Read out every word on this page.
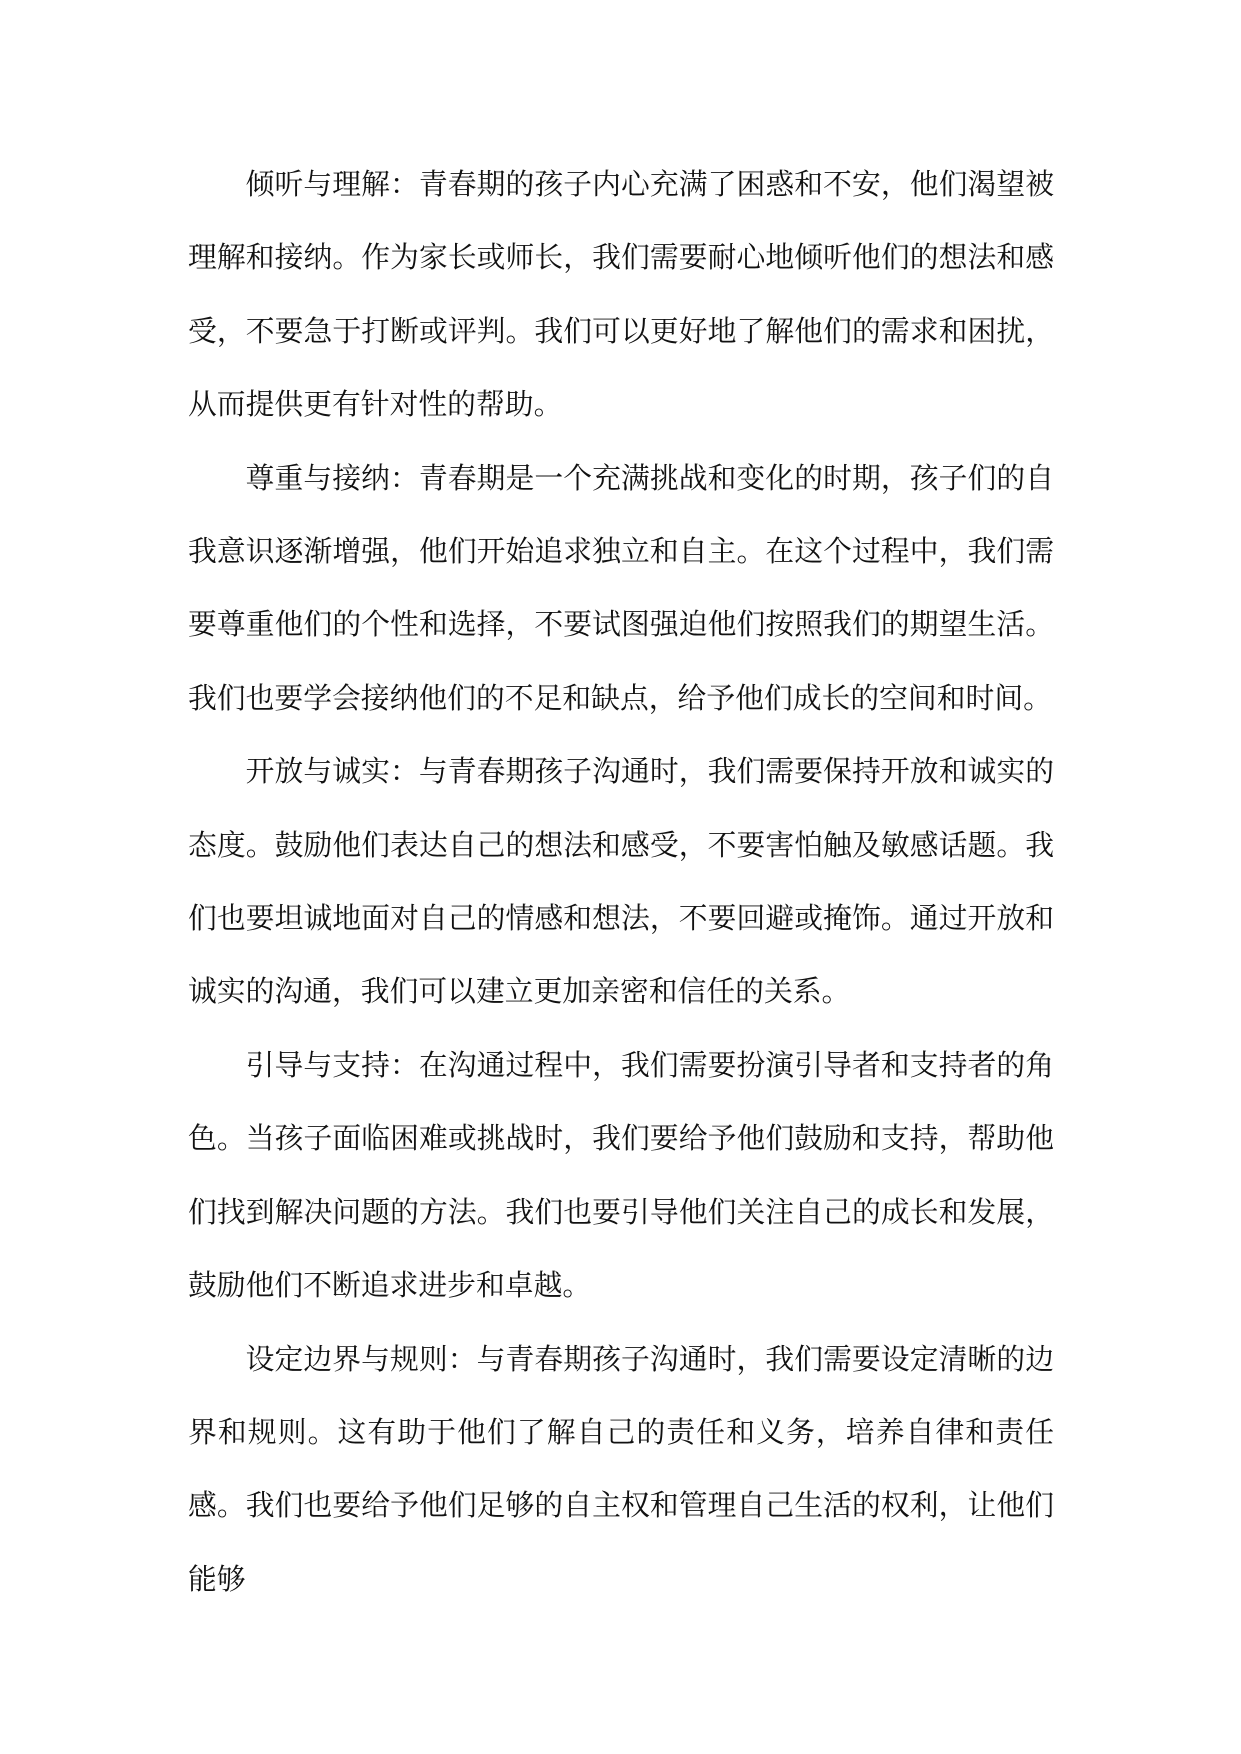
倾听与理解：青春期的孩子内心充满了困惑和不安，他们渴望被理解和接纳。作为家长或师长，我们需要耐心地倾听他们的想法和感受，不要急于打断或评判。我们可以更好地了解他们的需求和困扰，从而提供更有针对性的帮助。

尊重与接纳：青春期是一个充满挑战和变化的时期，孩子们的自我意识逐渐增强，他们开始追求独立和自主。在这个过程中，我们需要尊重他们的个性和选择，不要试图强迫他们按照我们的期望生活。我们也要学会接纳他们的不足和缺点，给予他们成长的空间和时间。

开放与诚实：与青春期孩子沟通时，我们需要保持开放和诚实的态度。鼓励他们表达自己的想法和感受，不要害怕触及敏感话题。我们也要坦诚地面对自己的情感和想法，不要回避或掩饰。通过开放和诚实的沟通，我们可以建立更加亲密和信任的关系。

引导与支持：在沟通过程中，我们需要扮演引导者和支持者的角色。当孩子面临困难或挑战时，我们要给予他们鼓励和支持，帮助他们找到解决问题的方法。我们也要引导他们关注自己的成长和发展，鼓励他们不断追求进步和卓越。

设定边界与规则：与青春期孩子沟通时，我们需要设定清晰的边界和规则。这有助于他们了解自己的责任和义务，培养自律和责任感。我们也要给予他们足够的自主权和管理自己生活的权利，让他们能够
